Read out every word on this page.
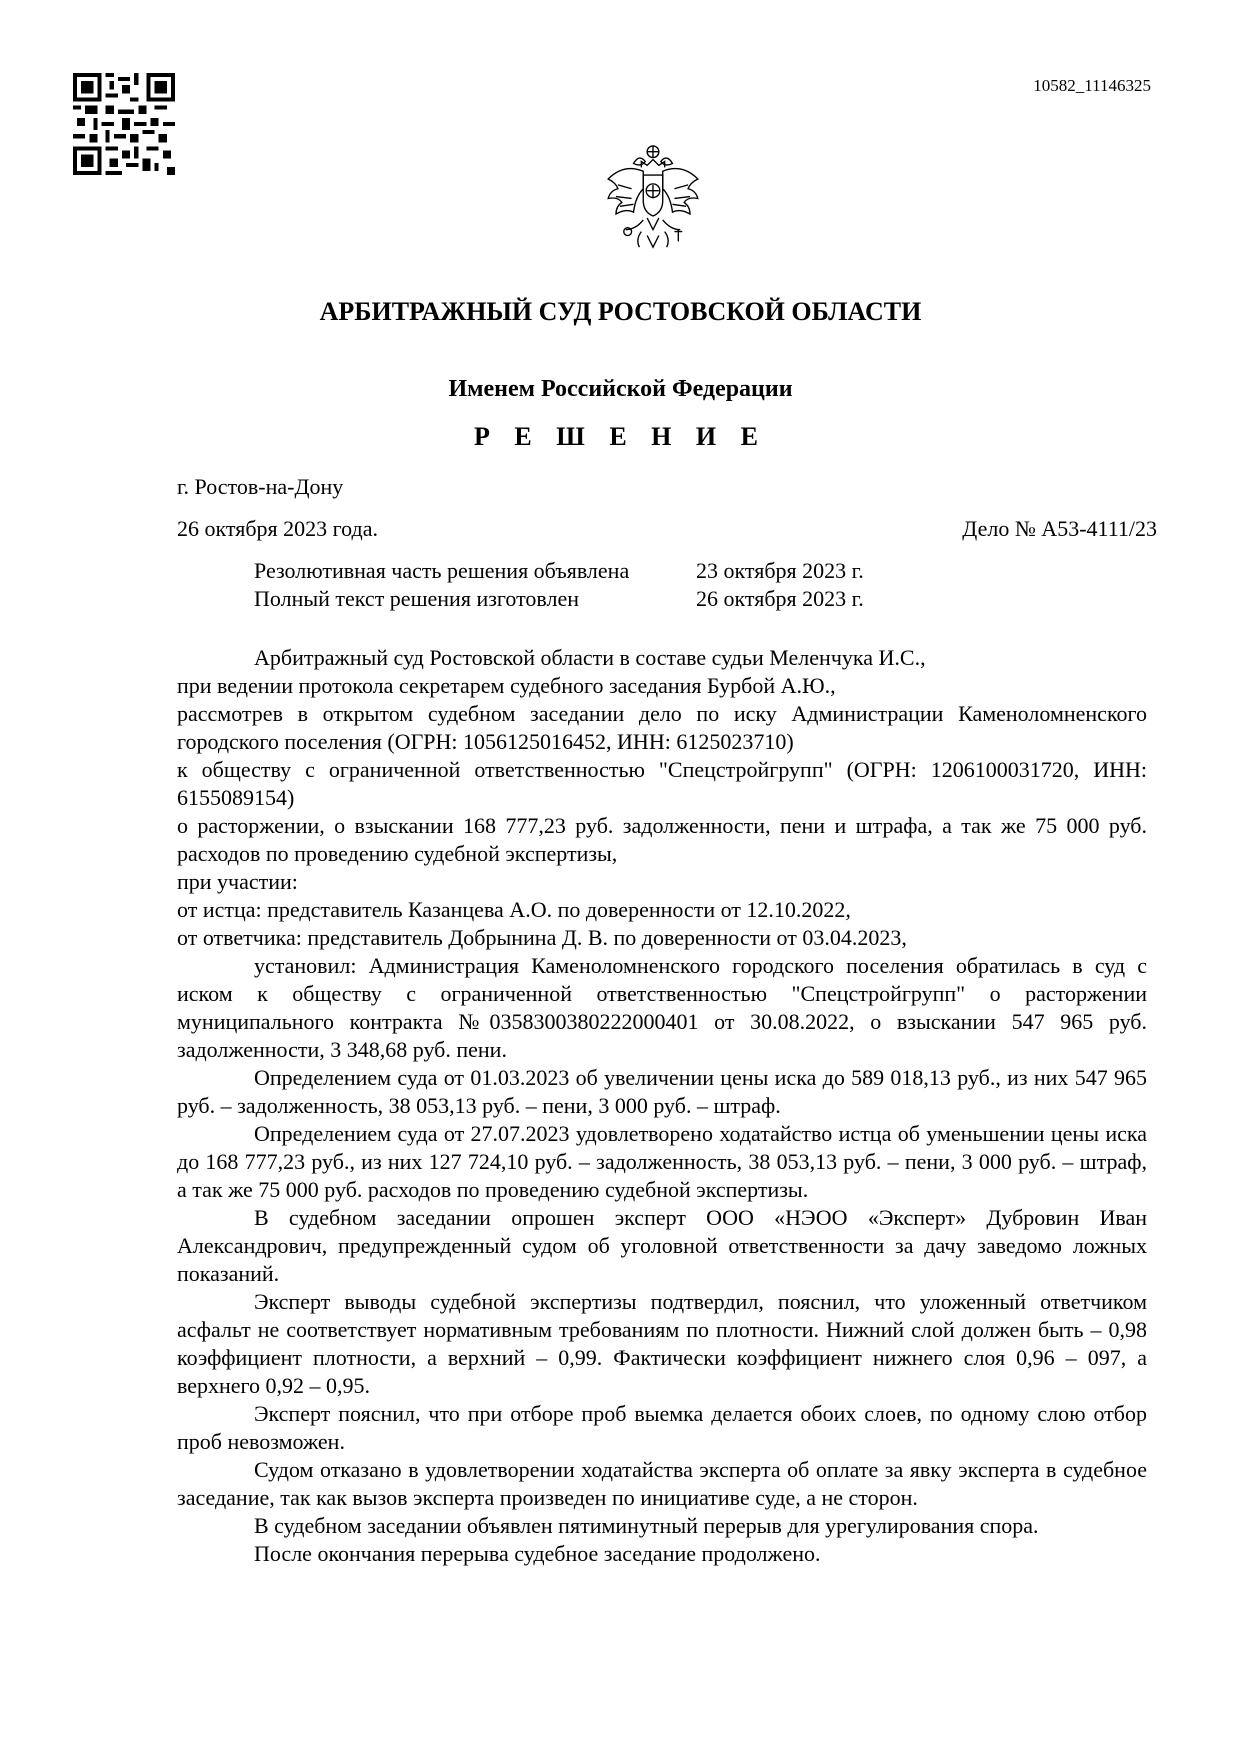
10582_11146325
АРБИТРАЖНЫЙ СУД РОСТОВСКОЙ ОБЛАСТИ
Именем Российской Федерации
Р Е Ш Е Н И Е
г. Ростов-на-Дону
26 октября 2023 года.	Дело № А53-4111/23
Резолютивная часть решения объявлена	23 октября 2023 г.
Полный текст решения изготовлен	26 октября 2023 г.

Арбитражный суд Ростовской области в составе судьи Меленчука И.С.,

при ведении протокола секретарем судебного заседания Бурбой А.Ю.,

рассмотрев в открытом судебном заседании дело по иску Администрации Каменоломненского городского поселения (ОГРН: 1056125016452, ИНН: 6125023710)

к обществу с ограниченной ответственностью "Спецстройгрупп" (ОГРН: 1206100031720, ИНН: 6155089154)

о расторжении, о взыскании 168 777,23 руб. задолженности, пени и штрафа, а так же 75 000 руб. расходов по проведению судебной экспертизы,

при участии:

от истца: представитель Казанцева А.О. по доверенности от 12.10.2022,

от ответчика: представитель Добрынина Д. В. по доверенности от 03.04.2023,

установил: Администрация Каменоломненского городского поселения обратилась в суд с иском к обществу с ограниченной ответственностью "Спецстройгрупп" о расторжении муниципального контракта №0358300380222000401 от 30.08.2022, о взыскании 547 965 руб. задолженности, 3 348,68 руб. пени.

Определением суда от 01.03.2023 об увеличении цены иска до 589 018,13 руб., из них 547 965 руб. – задолженность, 38 053,13 руб. – пени, 3 000 руб. – штраф.

Определением суда от 27.07.2023 удовлетворено ходатайство истца об уменьшении цены иска до 168 777,23 руб., из них 127 724,10 руб. – задолженность, 38 053,13 руб. – пени, 3 000 руб. – штраф, а так же 75 000 руб. расходов по проведению судебной экспертизы.

В судебном заседании опрошен эксперт ООО «НЭОО «Эксперт» Дубровин Иван Александрович, предупрежденный судом об уголовной ответственности за дачу заведомо ложных показаний.

Эксперт выводы судебной экспертизы подтвердил, пояснил, что уложенный ответчиком асфальт не соответствует нормативным требованиям по плотности. Нижний слой должен быть – 0,98 коэффициент плотности, а верхний – 0,99. Фактически коэффициент нижнего слоя 0,96 – 097, а верхнего 0,92 – 0,95.

Эксперт пояснил, что при отборе проб выемка делается обоих слоев, по одному слою отбор проб невозможен.

Судом отказано в удовлетворении ходатайства эксперта об оплате за явку эксперта в судебное заседание, так как вызов эксперта произведен по инициативе суде, а не сторон.

В судебном заседании объявлен пятиминутный перерыв для урегулирования спора.

После окончания перерыва судебное заседание продолжено.
